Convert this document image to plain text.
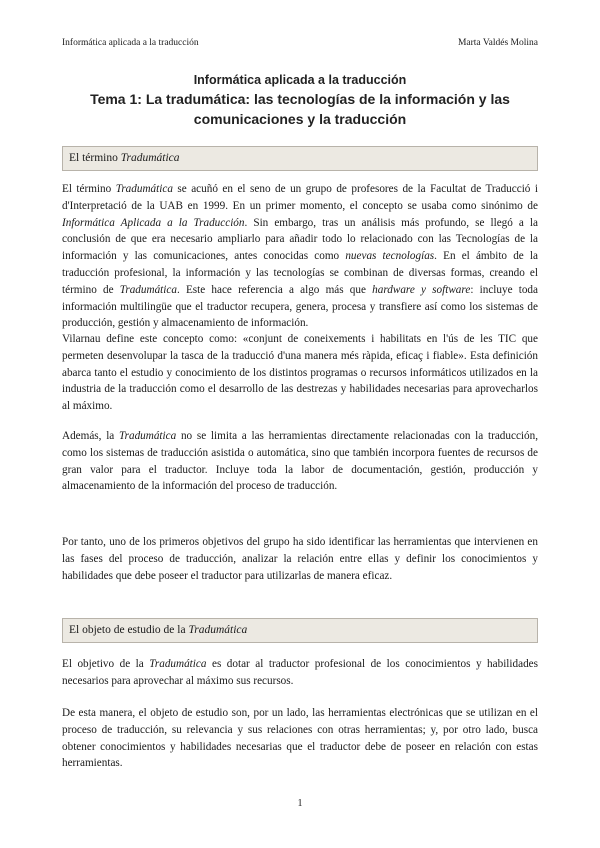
Informática aplicada a la traducción	Marta Valdés Molina
Informática aplicada a la traducción
Tema 1: La tradumática: las tecnologías de la información y las comunicaciones y la traducción
El término Tradumática

El término Tradumática se acuñó en el seno de un grupo de profesores de la Facultat de Traducció i d'Interpretació de la UAB en 1999. En un primer momento, el concepto se usaba como sinónimo de Informática Aplicada a la Traducción. Sin embargo, tras un análisis más profundo, se llegó a la conclusión de que era necesario ampliarlo para añadir todo lo relacionado con las Tecnologías de la información y las comunicaciones, antes conocidas como nuevas tecnologías. En el ámbito de la traducción profesional, la información y las tecnologías se combinan de diversas formas, creando el término de Tradumática. Este hace referencia a algo más que hardware y software: incluye toda información multilingüe que el traductor recupera, genera, procesa y transfiere así como los sistemas de producción, gestión y almacenamiento de información.

Vilarnau define este concepto como: «conjunt de coneixements i habilitats en l'ús de les TIC que permeten desenvolupar la tasca de la traducció d'una manera més ràpida, eficaç i fiable». Esta definición abarca tanto el estudio y conocimiento de los distintos programas o recursos informáticos utilizados en la industria de la traducción como el desarrollo de las destrezas y habilidades necesarias para aprovecharlos al máximo.

Además, la Tradumática no se limita a las herramientas directamente relacionadas con la traducción, como los sistemas de traducción asistida o automática, sino que también incorpora fuentes de recursos de gran valor para el traductor. Incluye toda la labor de documentación, gestión, producción y almacenamiento de la información del proceso de traducción.

Por tanto, uno de los primeros objetivos del grupo ha sido identificar las herramientas que intervienen en las fases del proceso de traducción, analizar la relación entre ellas y definir los conocimientos y habilidades que debe poseer el traductor para utilizarlas de manera eficaz.

El objeto de estudio de la Tradumática

El objetivo de la Tradumática es dotar al traductor profesional de los conocimientos y habilidades necesarios para aprovechar al máximo sus recursos.

De esta manera, el objeto de estudio son, por un lado, las herramientas electrónicas que se utilizan en el proceso de traducción, su relevancia y sus relaciones con otras herramientas; y, por otro lado, busca obtener conocimientos y habilidades necesarias que el traductor debe de poseer en relación con estas herramientas.

1
